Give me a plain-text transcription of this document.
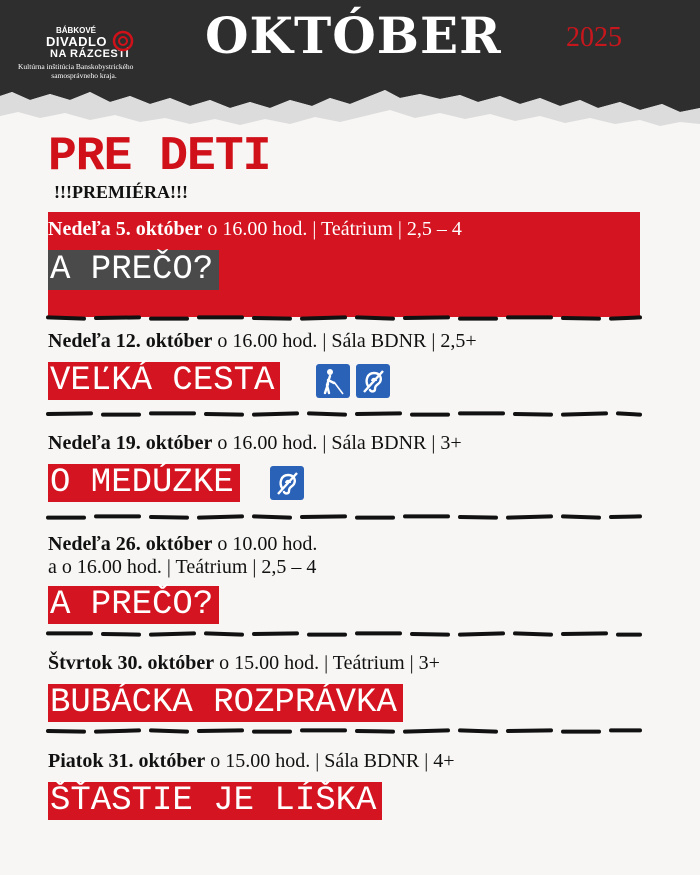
BÁBKOVÉ
DIVADLO
NA RÁZCESTÍ
Kultúrna inštitúcia Banskobystrického
samosprávneho kraja.
OKTÓBER 2025
PRE DETI
!!!PREMIÉRA!!!
Nedeľa 5. október o 16.00 hod. | Teátrium | 2,5 – 4
A PREČO?
Nedeľa 12. október o 16.00 hod. | Sála BDNR | 2,5+
VEĽKÁ CESTA
Nedeľa 19. október o 16.00 hod. | Sála BDNR | 3+
O MEDÚZKE
Nedeľa 26. október o 10.00 hod.
a o 16.00 hod. | Teátrium | 2,5 – 4
A PREČO?
Štvrtok 30. október o 15.00 hod. | Teátrium | 3+
BUBÁCKA ROZPRÁVKA
Piatok 31. október o 15.00 hod. | Sála BDNR | 4+
ŠŤASTIE JE LÍŠKA
